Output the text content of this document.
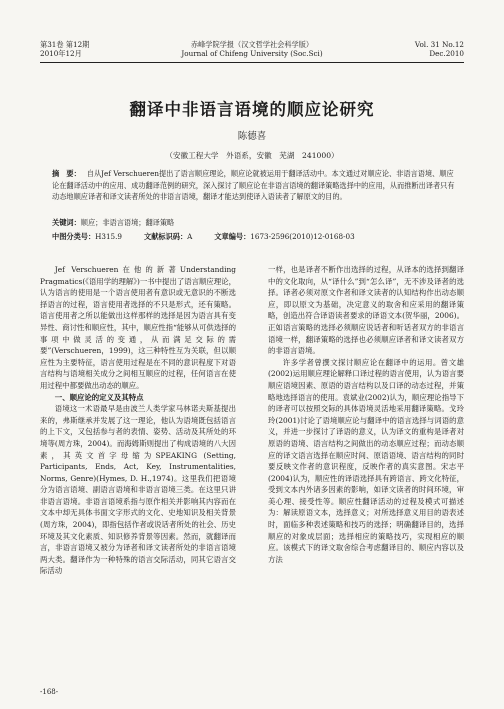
第31卷 第12期
2010年12月
赤峰学院学报（汉文哲学社会科学版）
Journal of Chifeng University (Soc.Sci)
Vol. 31 No.12
Dec.2010
翻译中非语言语境的顺应论研究
陈德喜
（安徽工程大学　外语系，安徽　芜湖　241000）
摘　要： 自从Jef Verschueren提出了语言顺应理论，顺应论就被运用于翻译活动中。本文通过对顺应论、非语言语境、顺应论在翻译活动中的应用、成功翻译范例的研究，深入探讨了顺应论在非语言语境的翻译策略选择中的应用，从而推断出译者只有动态地顺应译者和译文读者所处的非语言语境，翻译才能达到使译入语读者了解原文的目的。
关键词：顺应；非语言语境；翻译策略
中图分类号：H315.9	文献标识码：A	文章编号：1673-2596(2010)12-0168-03

Jef Verschueren在他的新著Understanding Pragmatics(《语用学的理解》)一书中提出了语言顺应理论，认为语言的使用是一个语言使用者有意识或无意识的不断选择语言的过程，语言使用者选择的不只是形式，还有策略。语言使用者之所以能做出这样那样的选择是因为语言具有变异性、商讨性和顺应性，其中，顺应性指“能够从可供选择的事项中做灵活的变通，从而满足交际的需要”(Verschueren，1999)，这三种特性互为关联，但以顺应性为主要特征，语言使用过程是在不同的意识程度下对语言结构与语境相关成分之间相互顺应的过程，任何语言在使用过程中都要做出动态的顺应。

一、顺应论的定义及其特点

语境这一术语最早是由波兰人类学家马林诺夫斯基提出来的，弗斯继承并发展了这一理论，他认为语境既包括语言的上下文，又包括参与者的表情、姿势、活动及其所处的环境等(周方珠，2004)。而海姆斯则提出了构成语境的八大因素，其英文首字母缩为SPEAKING (Setting, Participants, Ends, Act, Key, Instrumentalities, Norms, Genre)(Hymes, D. H.,1974)。这里我们把语境分为语言语境、副语言语境和非语言语境三类。在这里只讲非语言语境。非语言语境系指与原作相关并影响其内容而在文本中却无具体书面文字形式的文化、史地知识及相关背景(周方珠，2004)，即指包括作者或说话者所处的社会、历史环境及其文化素质、知识修养背景等因素。然而，就翻译而言，非语言语境又被分为译者和译文读者所处的非语言语境两大类。翻译作为一种特殊的语言交际活动，同其它语言交际活动

一样，也是译者不断作出选择的过程，从译本的选择到翻译中的文化取向，从“译什么”到“怎么译”，无不涉及译者的选择。译者必须对原文作者和译文读者的认知结构作出动态顺应，即以原文为基础，决定意义的取舍和应采用的翻译策略，创造出符合译语读者要求的译语文本(贺华丽，2006)。正如语言策略的选择必须顺应说话者和听话者双方的非语言语境一样，翻译策略的选择也必须顺应译者和译文读者双方的非语言语境。

许多学者曾撰文探讨顺应论在翻译中的运用。曾文雄(2002)运用顺应理论解释口译过程的语言使用，认为语言要顺应语境因素、原语的语言结构以及口译的动态过程，并策略地选择语言的使用。袁斌业(2002)认为，顺应理论指导下的译者可以按照交际的具体语境灵活地采用翻译策略。戈玲玲(2001)讨论了语境顺应论与翻译中的语言选择与词语的意义，并进一步探讨了译语的意义，认为译文的重构是译者对原语的语境、语言结构之间做出的动态顺应过程；而动态顺应的译文语言选择在顺应时间、原语语境、语言结构的同时要反映文作者的意识程度，反映作者的真实意图。宋志平(2004)认为，顺应性的译语选择具有跨语言、跨文化特征，受到文本内外诸多因素的影响，如译文读者的时间环境，审美心理、接受性等。顺应性翻译活动的过程及模式可描述为：解读原语文本，选择意义；对所选择意义用目的语表述时，面临多种表述策略和技巧的选择；明确翻译目的，选择顺应的对象成层面；选择相应的策略技巧，实现相应的顺应。该模式下的译文取舍综合考虑翻译目的、顺应内容以及方法

-168-
